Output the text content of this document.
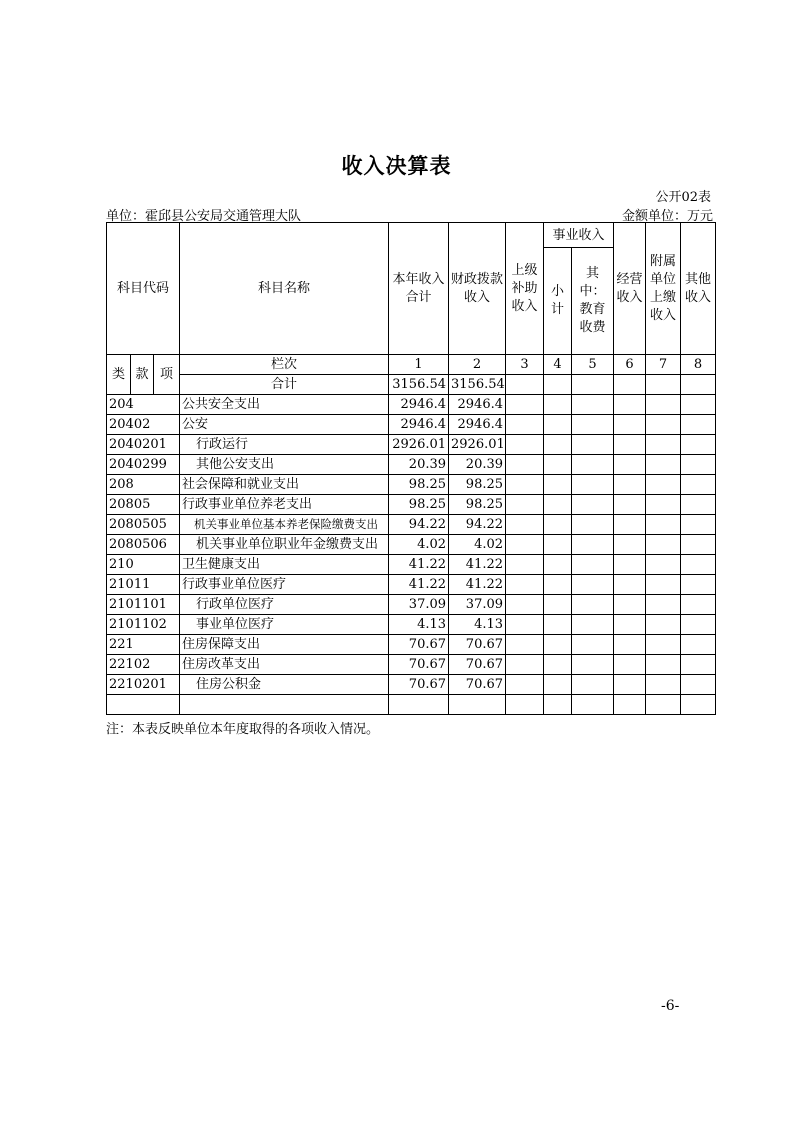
收入决算表
公开02表
单位：霍邱县公安局交通管理大队	金额单位：万元
科目代码			科目名称	本年收入合计	财政拨款收入	上级补助收入	事业收入		经营收入	附属单位上缴收入	其他收入
							小计	其中：教育收费			
类	款	项	栏次	1	2	3	4	5	6	7	8
			合计	3156.54	3156.54						
204			公共安全支出	2946.4	2946.4						
20402			公安	2946.4	2946.4						
2040201			行政运行	2926.01	2926.01						
2040299			其他公安支出	20.39	20.39						
208			社会保障和就业支出	98.25	98.25						
20805			行政事业单位养老支出	98.25	98.25						
2080505			机关事业单位基本养老保险缴费支出	94.22	94.22						
2080506			机关事业单位职业年金缴费支出	4.02	4.02						
210			卫生健康支出	41.22	41.22						
21011			行政事业单位医疗	41.22	41.22						
2101101			行政单位医疗	37.09	37.09						
2101102			事业单位医疗	4.13	4.13						
221			住房保障支出	70.67	70.67						
22102			住房改革支出	70.67	70.67						
2210201			住房公积金	70.67	70.67						

注：本表反映单位本年度取得的各项收入情况。
-6-
